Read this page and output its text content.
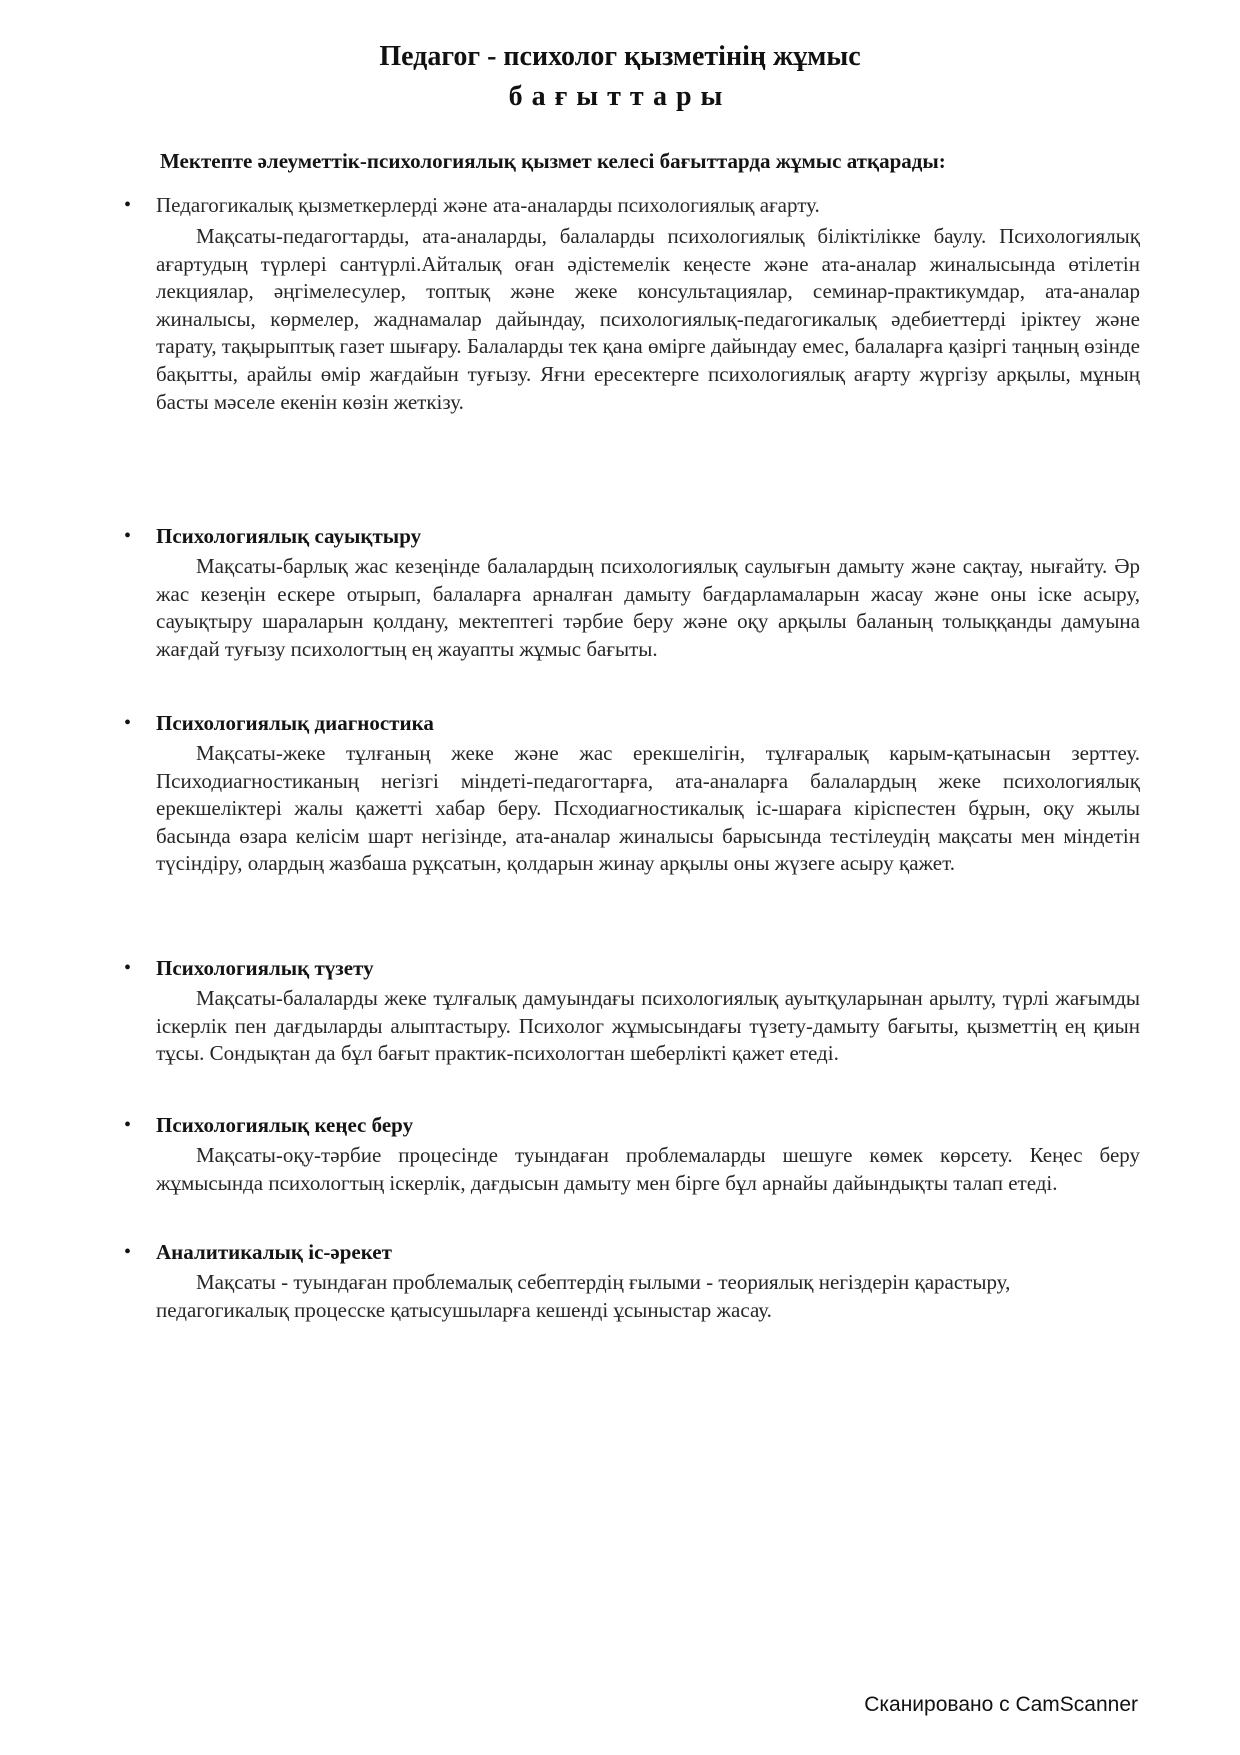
Педагог - психолог қызметінің жұмыс
бағыттары
Мектепте әлеуметтік-психологиялық қызмет келесі бағыттарда жұмыс атқарады:
• Педагогикалық қызметкерлерді және ата-аналарды психологиялық ағарту.
Мақсаты-педагогтарды, ата-аналарды, балаларды психологиялық біліктілікке баулу. Психологиялық ағартудың түрлері сантүрлі.Айталық оған әдістемелік кеңесте және ата-аналар жиналысында өтілетін лекциялар, әңгімелесулер, топтық және жеке консультациялар, семинар-практикумдар, ата-аналар жиналысы, көрмелер, жаднамалар дайындау, психологиялық-педагогикалық әдебиеттерді іріктеу және тарату, тақырыптық газет шығару. Балаларды тек қана өмірге дайындау емес, балаларға қазіргі таңның өзінде бақытты, арайлы өмір жағдайын туғызу. Яғни ересектерге психологиялық ағарту жүргізу арқылы, мұның басты мәселе екенін көзін жеткізу.
• Психологиялық сауықтыру
Мақсаты-барлық жас кезеңінде балалардың психологиялық саулығын дамыту және сақтау, нығайту. Әр жас кезеңін ескере отырып, балаларға арналған дамыту бағдарламаларын жасау және оны іске асыру, сауықтыру шараларын қолдану, мектептегі тәрбие беру және оқу арқылы баланың толыққанды дамуына жағдай туғызу психологтың ең жауапты жұмыс бағыты.
• Психологиялық диагностика
Мақсаты-жеке тұлғаның жеке және жас ерекшелігін, тұлғаралық карым-қатынасын зерттеу. Психодиагностиканың негізгі міндеті-педагогтарға, ата-аналарға балалардың жеке психологиялық ерекшеліктері жалы қажетті хабар беру. Псходиагностикалық іс-шараға кіріспестен бұрын, оқу жылы басында өзара келісім шарт негізінде, ата-аналар жиналысы барысында тестілеудің мақсаты мен міндетін түсіндіру, олардың жазбаша рұқсатын, қолдарын жинау арқылы оны жүзеге асыру қажет.
• Психологиялық түзету
Мақсаты-балаларды жеке тұлғалық дамуындағы психологиялық ауытқуларынан арылту, түрлі жағымды іскерлік пен дағдыларды алыптастыру. Психолог жұмысындағы түзету-дамыту бағыты, қызметтің ең қиын тұсы. Сондықтан да бұл бағыт практик-психологтан шеберлікті қажет етеді.
• Психологиялық кеңес беру
Мақсаты-оқу-тәрбие процесінде туындаған проблемаларды шешуге көмек көрсету. Кеңес беру жұмысында психологтың іскерлік, дағдысын дамыту мен бірге бұл арнайы дайындықты талап етеді.
• Аналитикалық іс-әрекет
Мақсаты - туындаған проблемалық себептердің ғылыми - теориялық негіздерін қарастыру, педагогикалық процесске қатысушыларға кешенді ұсыныстар жасау.
Сканировано с CamScanner
